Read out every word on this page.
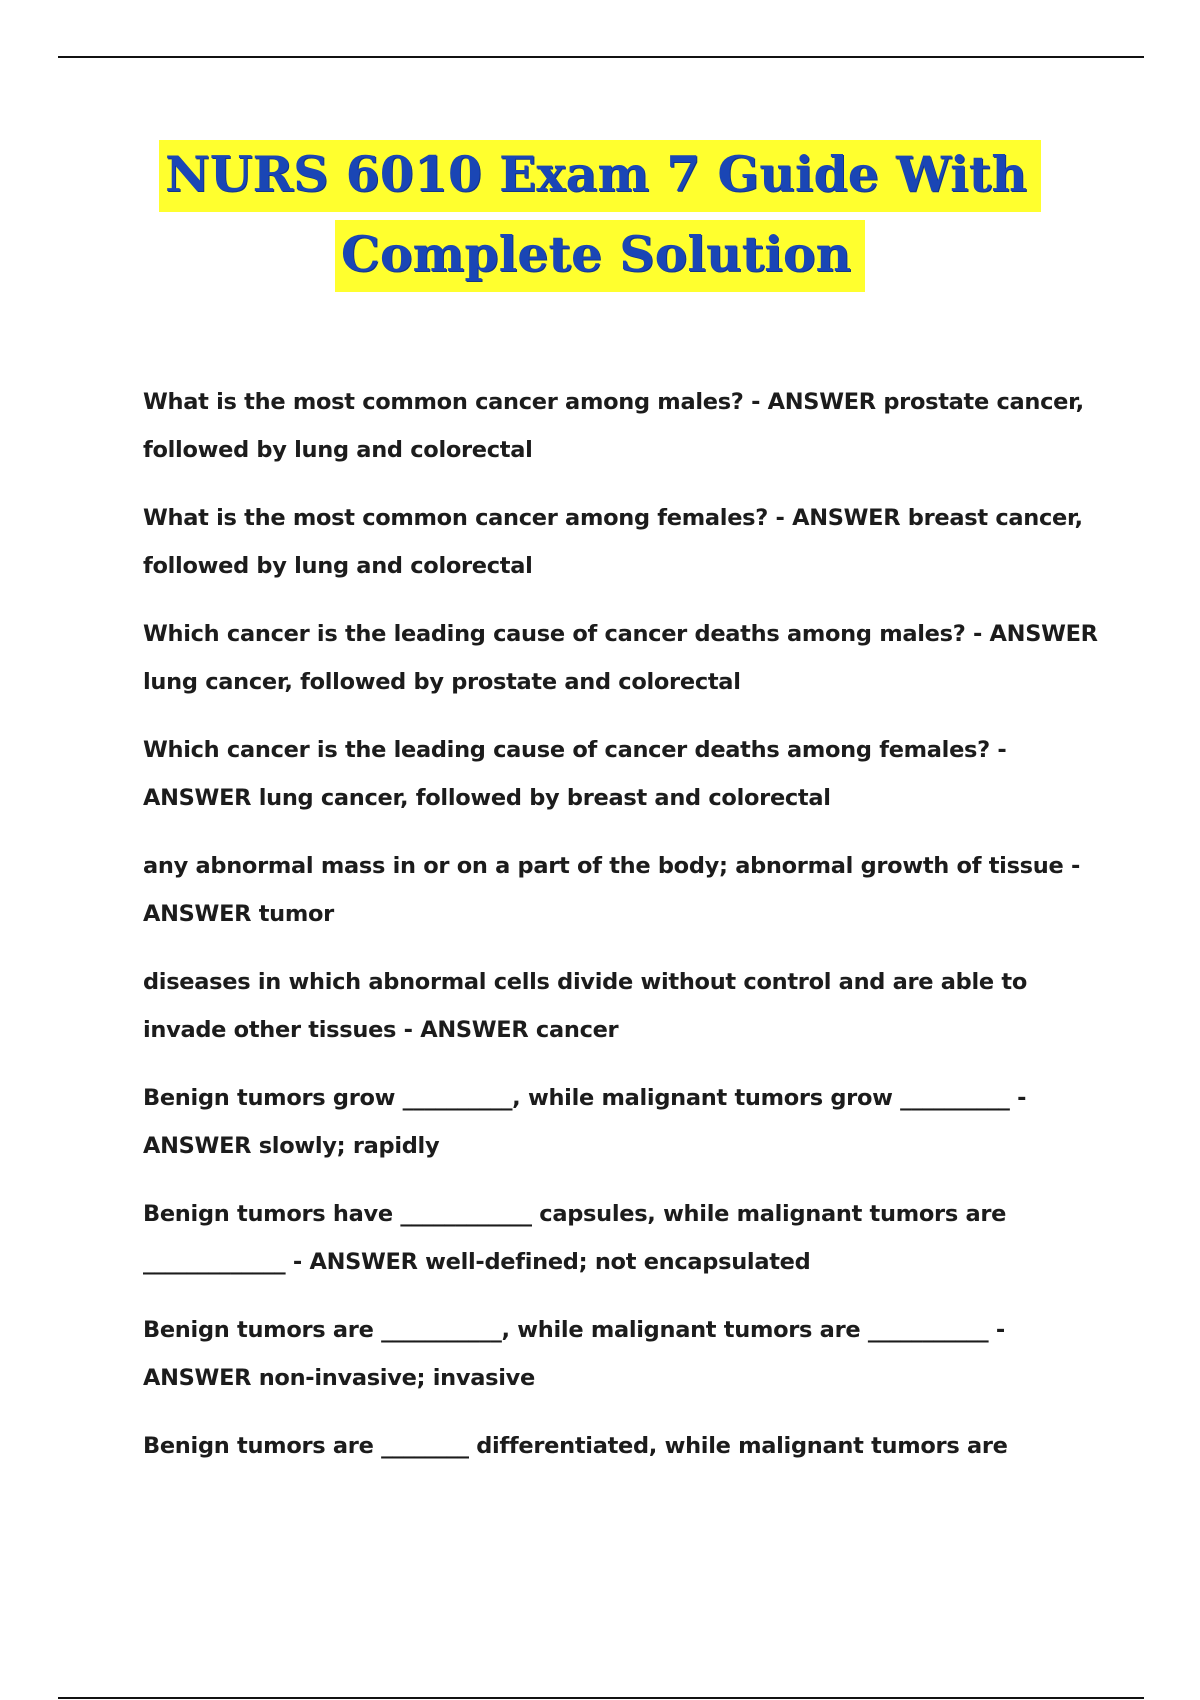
NURS 6010 Exam 7 Guide With
Complete Solution

What is the most common cancer among males? - ANSWER prostate cancer, followed by lung and colorectal

What is the most common cancer among females? - ANSWER breast cancer, followed by lung and colorectal

Which cancer is the leading cause of cancer deaths among males? - ANSWER lung cancer, followed by prostate and colorectal

Which cancer is the leading cause of cancer deaths among females? - ANSWER lung cancer, followed by breast and colorectal

any abnormal mass in or on a part of the body; abnormal growth of tissue - ANSWER tumor

diseases in which abnormal cells divide without control and are able to invade other tissues - ANSWER cancer

Benign tumors grow __________, while malignant tumors grow __________ - ANSWER slowly; rapidly

Benign tumors have ____________ capsules, while malignant tumors are _____________ - ANSWER well-defined; not encapsulated

Benign tumors are ___________, while malignant tumors are ___________ - ANSWER non-invasive; invasive

Benign tumors are ________ differentiated, while malignant tumors are
